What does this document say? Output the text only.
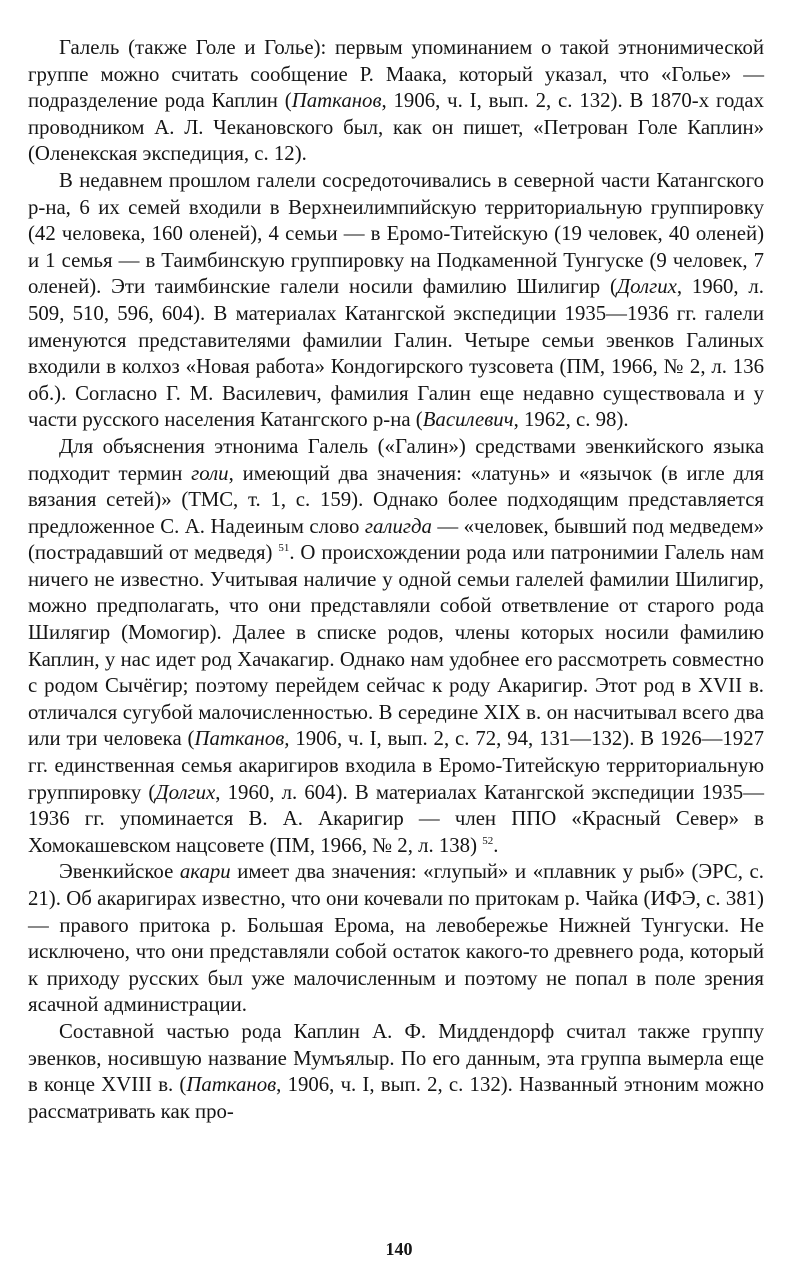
Галель (также Голе и Голье): первым упоминанием о такой этнонимической группе можно считать сообщение Р. Маака, который указал, что «Голье» — подразделение рода Каплин (Патканов, 1906, ч. I, вып. 2, с. 132). В 1870-х годах проводником А. Л. Чекановского был, как он пишет, «Петрован Голе Каплин» (Оленекская экспедиция, с. 12).

В недавнем прошлом галели сосредоточивались в северной части Катангского р-на, 6 их семей входили в Верхнеилимпийскую территориальную группировку (42 человека, 160 оленей), 4 семьи — в Еромо-Титейскую (19 человек, 40 оленей) и 1 семья — в Таимбинскую группировку на Подкаменной Тунгуске (9 человек, 7 оленей). Эти таимбинские галели носили фамилию Шилигир (Долгих, 1960, л. 509, 510, 596, 604). В материалах Катангской экспедиции 1935—1936 гг. галели именуются представителями фамилии Галин. Четыре семьи эвенков Галиных входили в колхоз «Новая работа» Кондогирского тузсовета (ПМ, 1966, № 2, л. 136 об.). Согласно Г. М. Василевич, фамилия Галин еще недавно существовала и у части русского населения Катангского р-на (Василевич, 1962, с. 98).

Для объяснения этнонима Галель («Галин») средствами эвенкийского языка подходит термин голи, имеющий два значения: «латунь» и «язычок (в игле для вязания сетей)» (ТМС, т. 1, с. 159). Однако более подходящим представляется предложенное С. А. Надеиным слово галигда — «человек, бывший под медведем» (пострадавший от медведя) $^{51}$. О происхождении рода или патронимии Галель нам ничего не известно. Учитывая наличие у одной семьи галелей фамилии Шилигир, можно предполагать, что они представляли собой ответвление от старого рода Шилягир (Момогир). Далее в списке родов, члены которых носили фамилию Каплин, у нас идет род Хачакагир. Однако нам удобнее его рассмотреть совместно с родом Сычёгир; поэтому перейдем сейчас к роду Акаригир. Этот род в XVII в. отличался сугубой малочисленностью. В середине XIX в. он насчитывал всего два или три человека (Патканов, 1906, ч. I, вып. 2, с. 72, 94, 131—132). В 1926—1927 гг. единственная семья акаригиров входила в Еромо-Титейскую территориальную группировку (Долгих, 1960, л. 604). В материалах Катангской экспедиции 1935—1936 гг. упоминается В. А. Акаригир — член ППО «Красный Север» в Хомокашевском нацсовете (ПМ, 1966, № 2, л. 138) $^{52}$.

Эвенкийское акари имеет два значения: «глупый» и «плавник у рыб» (ЭРС, с. 21). Об акаригирах известно, что они кочевали по притокам р. Чайка (ИФЭ, с. 381) — правого притока р. Большая Ерома, на левобережье Нижней Тунгуски. Не исключено, что они представляли собой остаток какого-то древнего рода, который к приходу русских был уже малочисленным и поэтому не попал в поле зрения ясачной администрации.

Составной частью рода Каплин А. Ф. Миддендорф считал также группу эвенков, носившую название Мумъялыр. По его данным, эта группа вымерла еще в конце XVIII в. (Патканов, 1906, ч. I, вып. 2, с. 132). Названный этноним можно рассматривать как про-

140
